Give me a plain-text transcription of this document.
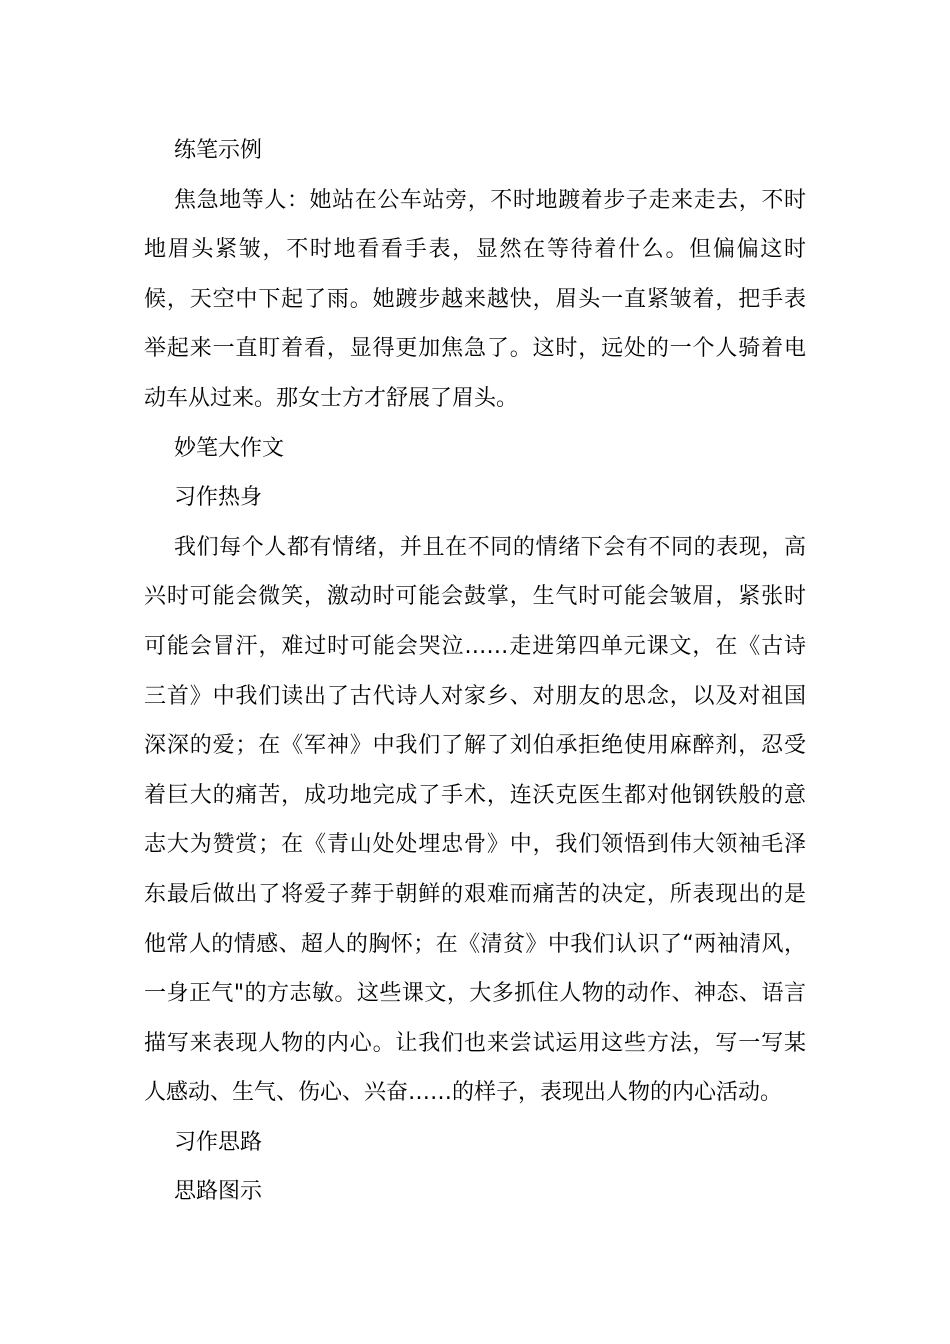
练笔示例

焦急地等人：她站在公车站旁，不时地踱着步子走来走去，不时
地眉头紧皱，不时地看看手表，显然在等待着什么。但偏偏这时
候，天空中下起了雨。她踱步越来越快，眉头一直紧皱着，把手表
举起来一直盯着看，显得更加焦急了。这时，远处的一个人骑着电
动车从过来。那女士方才舒展了眉头。

妙笔大作文

习作热身

我们每个人都有情绪，并且在不同的情绪下会有不同的表现，高
兴时可能会微笑，激动时可能会鼓掌，生气时可能会皱眉，紧张时
可能会冒汗，难过时可能会哭泣……走进第四单元课文，在《古诗
三首》中我们读出了古代诗人对家乡、对朋友的思念，以及对祖国
深深的爱；在《军神》中我们了解了刘伯承拒绝使用麻醉剂，忍受
着巨大的痛苦，成功地完成了手术，连沃克医生都对他钢铁般的意
志大为赞赏；在《青山处处埋忠骨》中，我们领悟到伟大领袖毛泽
东最后做出了将爱子葬于朝鲜的艰难而痛苦的决定，所表现出的是
他常人的情感、超人的胸怀；在《清贫》中我们认识了“两袖清风，
一身正气"的方志敏。这些课文，大多抓住人物的动作、神态、语言
描写来表现人物的内心。让我们也来尝试运用这些方法，写一写某
人感动、生气、伤心、兴奋……的样子，表现出人物的内心活动。

习作思路

思路图示
